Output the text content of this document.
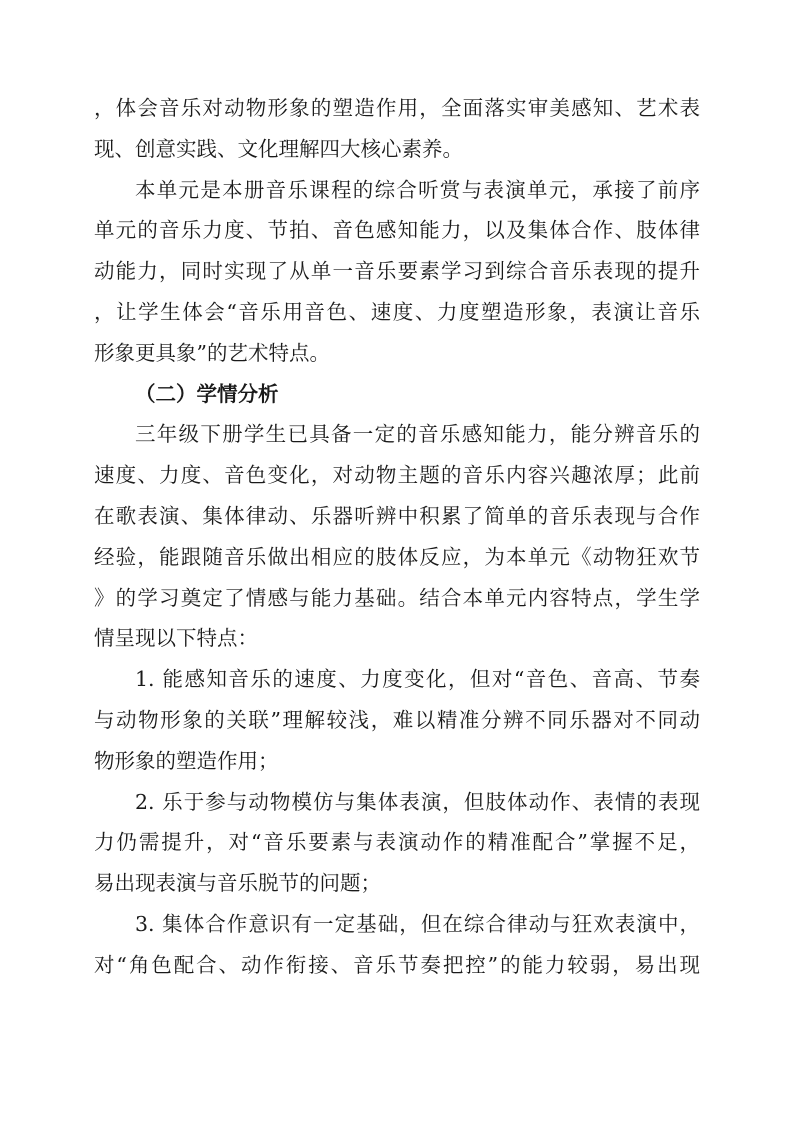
，体会音乐对动物形象的塑造作用，全面落实审美感知、艺术表
现、创意实践、文化理解四大核心素养。
本单元是本册音乐课程的综合听赏与表演单元，承接了前序
单元的音乐力度、节拍、音色感知能力，以及集体合作、肢体律
动能力，同时实现了从单一音乐要素学习到综合音乐表现的提升
，让学生体会“音乐用音色、速度、力度塑造形象，表演让音乐
形象更具象”的艺术特点。
（二）学情分析
三年级下册学生已具备一定的音乐感知能力，能分辨音乐的
速度、力度、音色变化，对动物主题的音乐内容兴趣浓厚；此前
在歌表演、集体律动、乐器听辨中积累了简单的音乐表现与合作
经验，能跟随音乐做出相应的肢体反应，为本单元《动物狂欢节
》的学习奠定了情感与能力基础。结合本单元内容特点，学生学
情呈现以下特点：
1. 能感知音乐的速度、力度变化，但对“音色、音高、节奏
与动物形象的关联”理解较浅，难以精准分辨不同乐器对不同动
物形象的塑造作用；
2. 乐于参与动物模仿与集体表演，但肢体动作、表情的表现
力仍需提升，对“音乐要素与表演动作的精准配合”掌握不足，
易出现表演与音乐脱节的问题；
3. 集体合作意识有一定基础，但在综合律动与狂欢表演中，
对“角色配合、动作衔接、音乐节奏把控”的能力较弱，易出现
